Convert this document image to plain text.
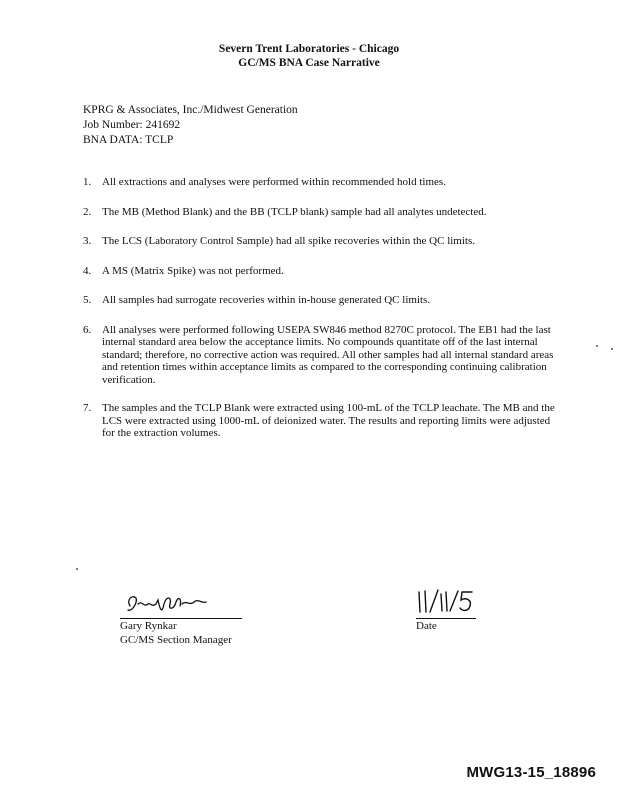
Severn Trent Laboratories - Chicago
GC/MS BNA Case Narrative
KPRG & Associates, Inc./Midwest Generation
Job Number: 241692
BNA DATA: TCLP
1. All extractions and analyses were performed within recommended hold times.
2. The MB (Method Blank) and the BB (TCLP blank) sample had all analytes undetected.
3. The LCS (Laboratory Control Sample) had all spike recoveries within the QC limits.
4. A MS (Matrix Spike) was not performed.
5. All samples had surrogate recoveries within in-house generated QC limits.
6. All analyses were performed following USEPA SW846 method 8270C protocol. The EB1 had the last internal standard area below the acceptance limits. No compounds quantitate off of the last internal standard; therefore, no corrective action was required. All other samples had all internal standard areas and retention times within acceptance limits as compared to the corresponding continuing calibration verification.
7. The samples and the TCLP Blank were extracted using 100-mL of the TCLP leachate. The MB and the LCS were extracted using 1000-mL of deionized water. The results and reporting limits were adjusted for the extraction volumes.
Gary Rynkar
GC/MS Section Manager
Date
MWG13-15_18896
